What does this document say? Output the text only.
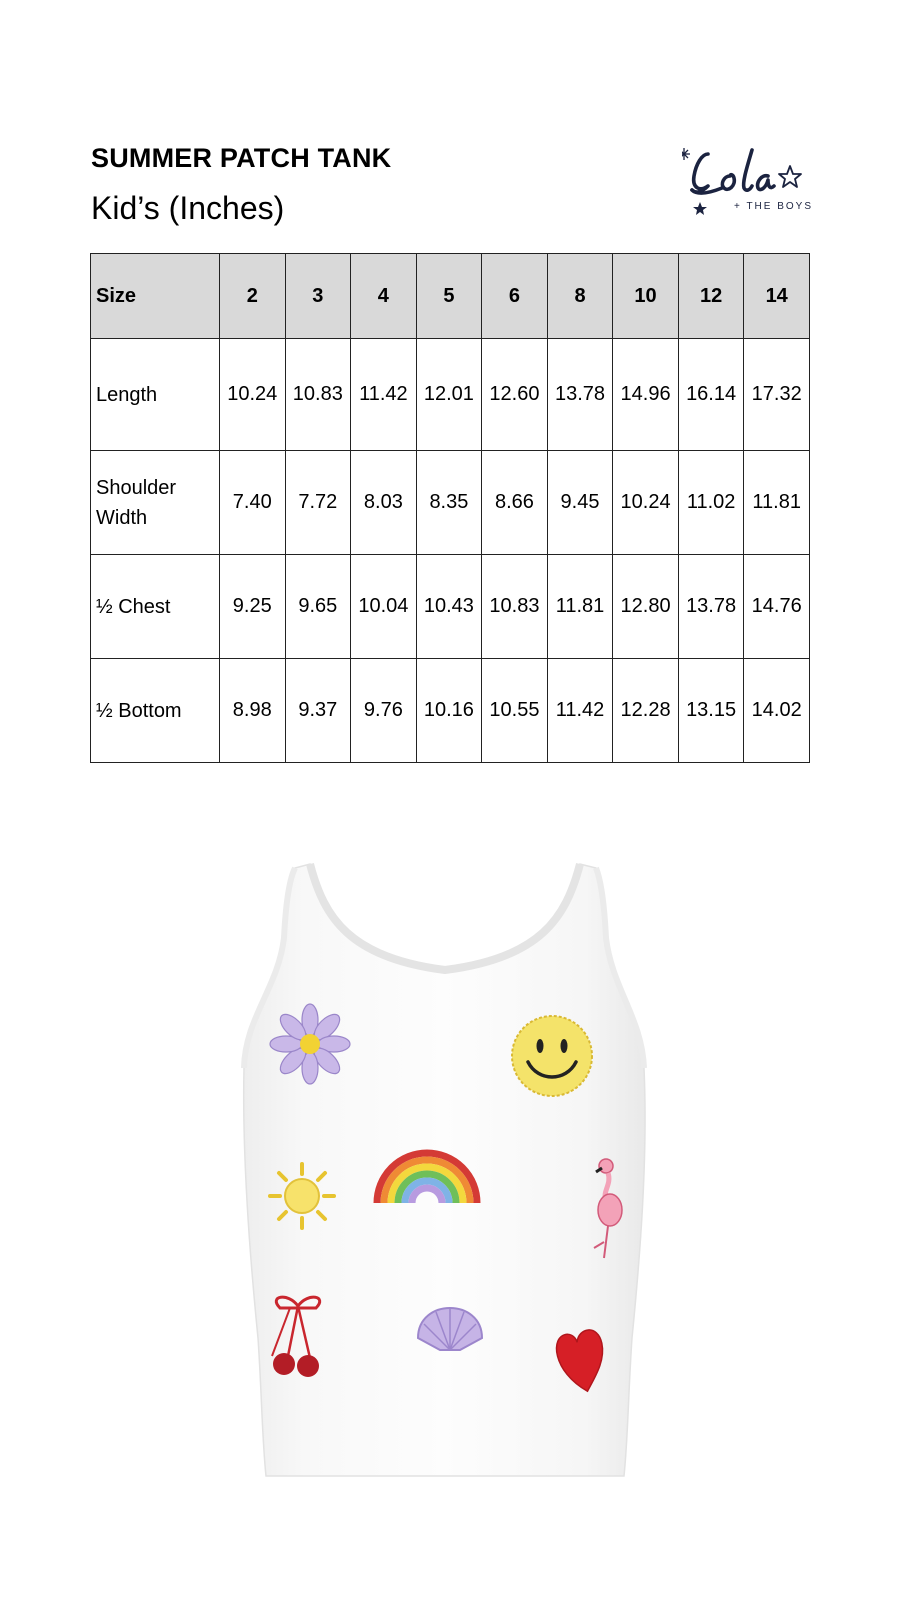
SUMMER PATCH TANK
Kid’s (Inches)	+ THE BOYS
Size	2	3	4	5	6	8	10	12	14
Length	10.24	10.83	11.42	12.01	12.60	13.78	14.96	16.14	17.32
Shoulder
Width	7.40	7.72	8.03	8.35	8.66	9.45	10.24	11.02	11.81
½ Chest	9.25	9.65	10.04	10.43	10.83	11.81	12.80	13.78	14.76
½ Bottom	8.98	9.37	9.76	10.16	10.55	11.42	12.28	13.15	14.02
